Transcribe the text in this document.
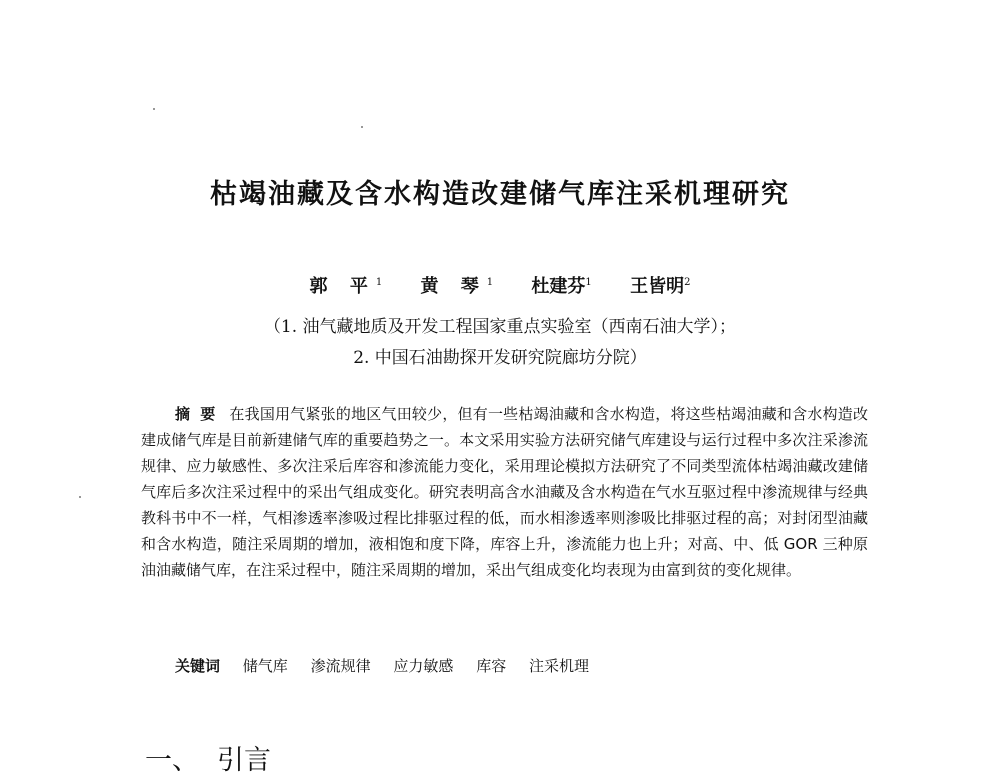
枯竭油藏及含水构造改建储气库注采机理研究
郭 平$^1$ 黄 琴$^1$ 杜建芬$^1$ 王皆明$^2$
（1. 油气藏地质及开发工程国家重点实验室（西南石油大学）；
2. 中国石油勘探开发研究院廊坊分院）
摘要 在我国用气紧张的地区气田较少，但有一些枯竭油藏和含水构造，将这些枯竭油藏和含水构造改建成储气库是目前新建储气库的重要趋势之一。本文采用实验方法研究储气库建设与运行过程中多次注采渗流规律、应力敏感性、多次注采后库容和渗流能力变化，采用理论模拟方法研究了不同类型流体枯竭油藏改建储气库后多次注采过程中的采出气组成变化。研究表明高含水油藏及含水构造在气水互驱过程中渗流规律与经典教科书中不一样，气相渗透率渗吸过程比排驱过程的低，而水相渗透率则渗吸比排驱过程的高；对封闭型油藏和含水构造，随注采周期的增加，液相饱和度下降，库容上升，渗流能力也上升；对高、中、低 GOR 三种原油油藏储气库，在注采过程中，随注采周期的增加，采出气组成变化均表现为由富到贫的变化规律。
关键词 储气库 渗流规律 应力敏感 库容 注采机理
一、 引言
